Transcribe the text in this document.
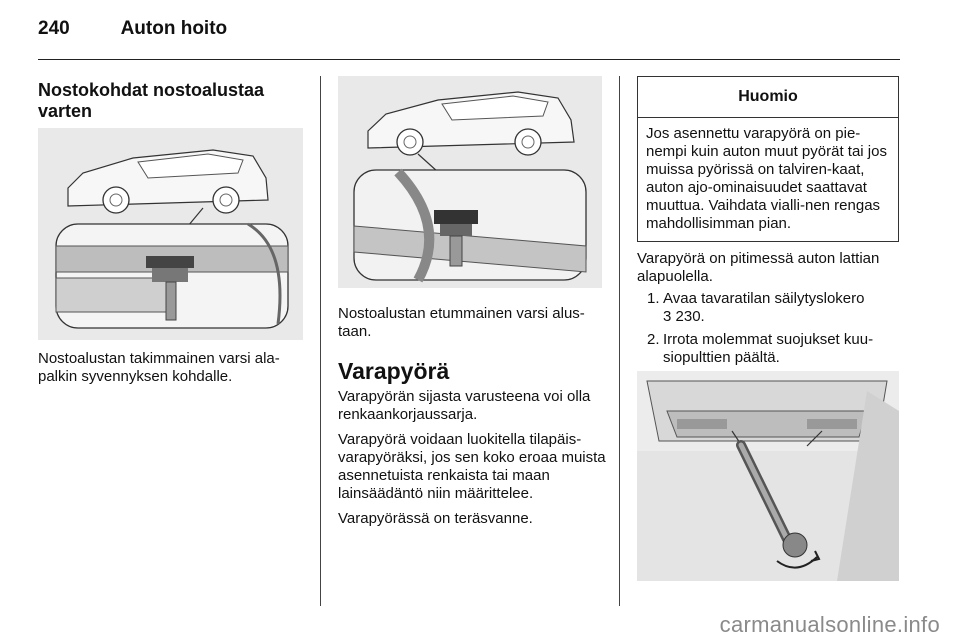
240	Auton hoito
Nostokohdat nostoalustaa varten
Nostoalustan takimmainen varsi ala-palkin syvennyksen kohdalle.
Nostoalustan etummainen varsi alus-taan.
Varapyörä

Varapyörän sijasta varusteena voi olla renkaankorjaussarja.

Varapyörä voidaan luokitella tilapäis-varapyöräksi, jos sen koko eroaa muista asennetuista renkaista tai maan lainsäädäntö niin määrittelee.

Varapyörässä on teräsvanne.

Huomio
Jos asennettu varapyörä on pie-nempi kuin auton muut pyörät tai jos muissa pyörissä on talviren-kaat, auton ajo-ominaisuudet saattavat muuttua. Vaihdata vialli-nen rengas mahdollisimman pian.
Varapyörä on pitimessä auton lattian alapuolella.
1. Avaa tavaratilan säilytyslokero
3 230.
2. Irrota molemmat suojukset kuu-siopulttien päältä.
carmanualsonline.info
